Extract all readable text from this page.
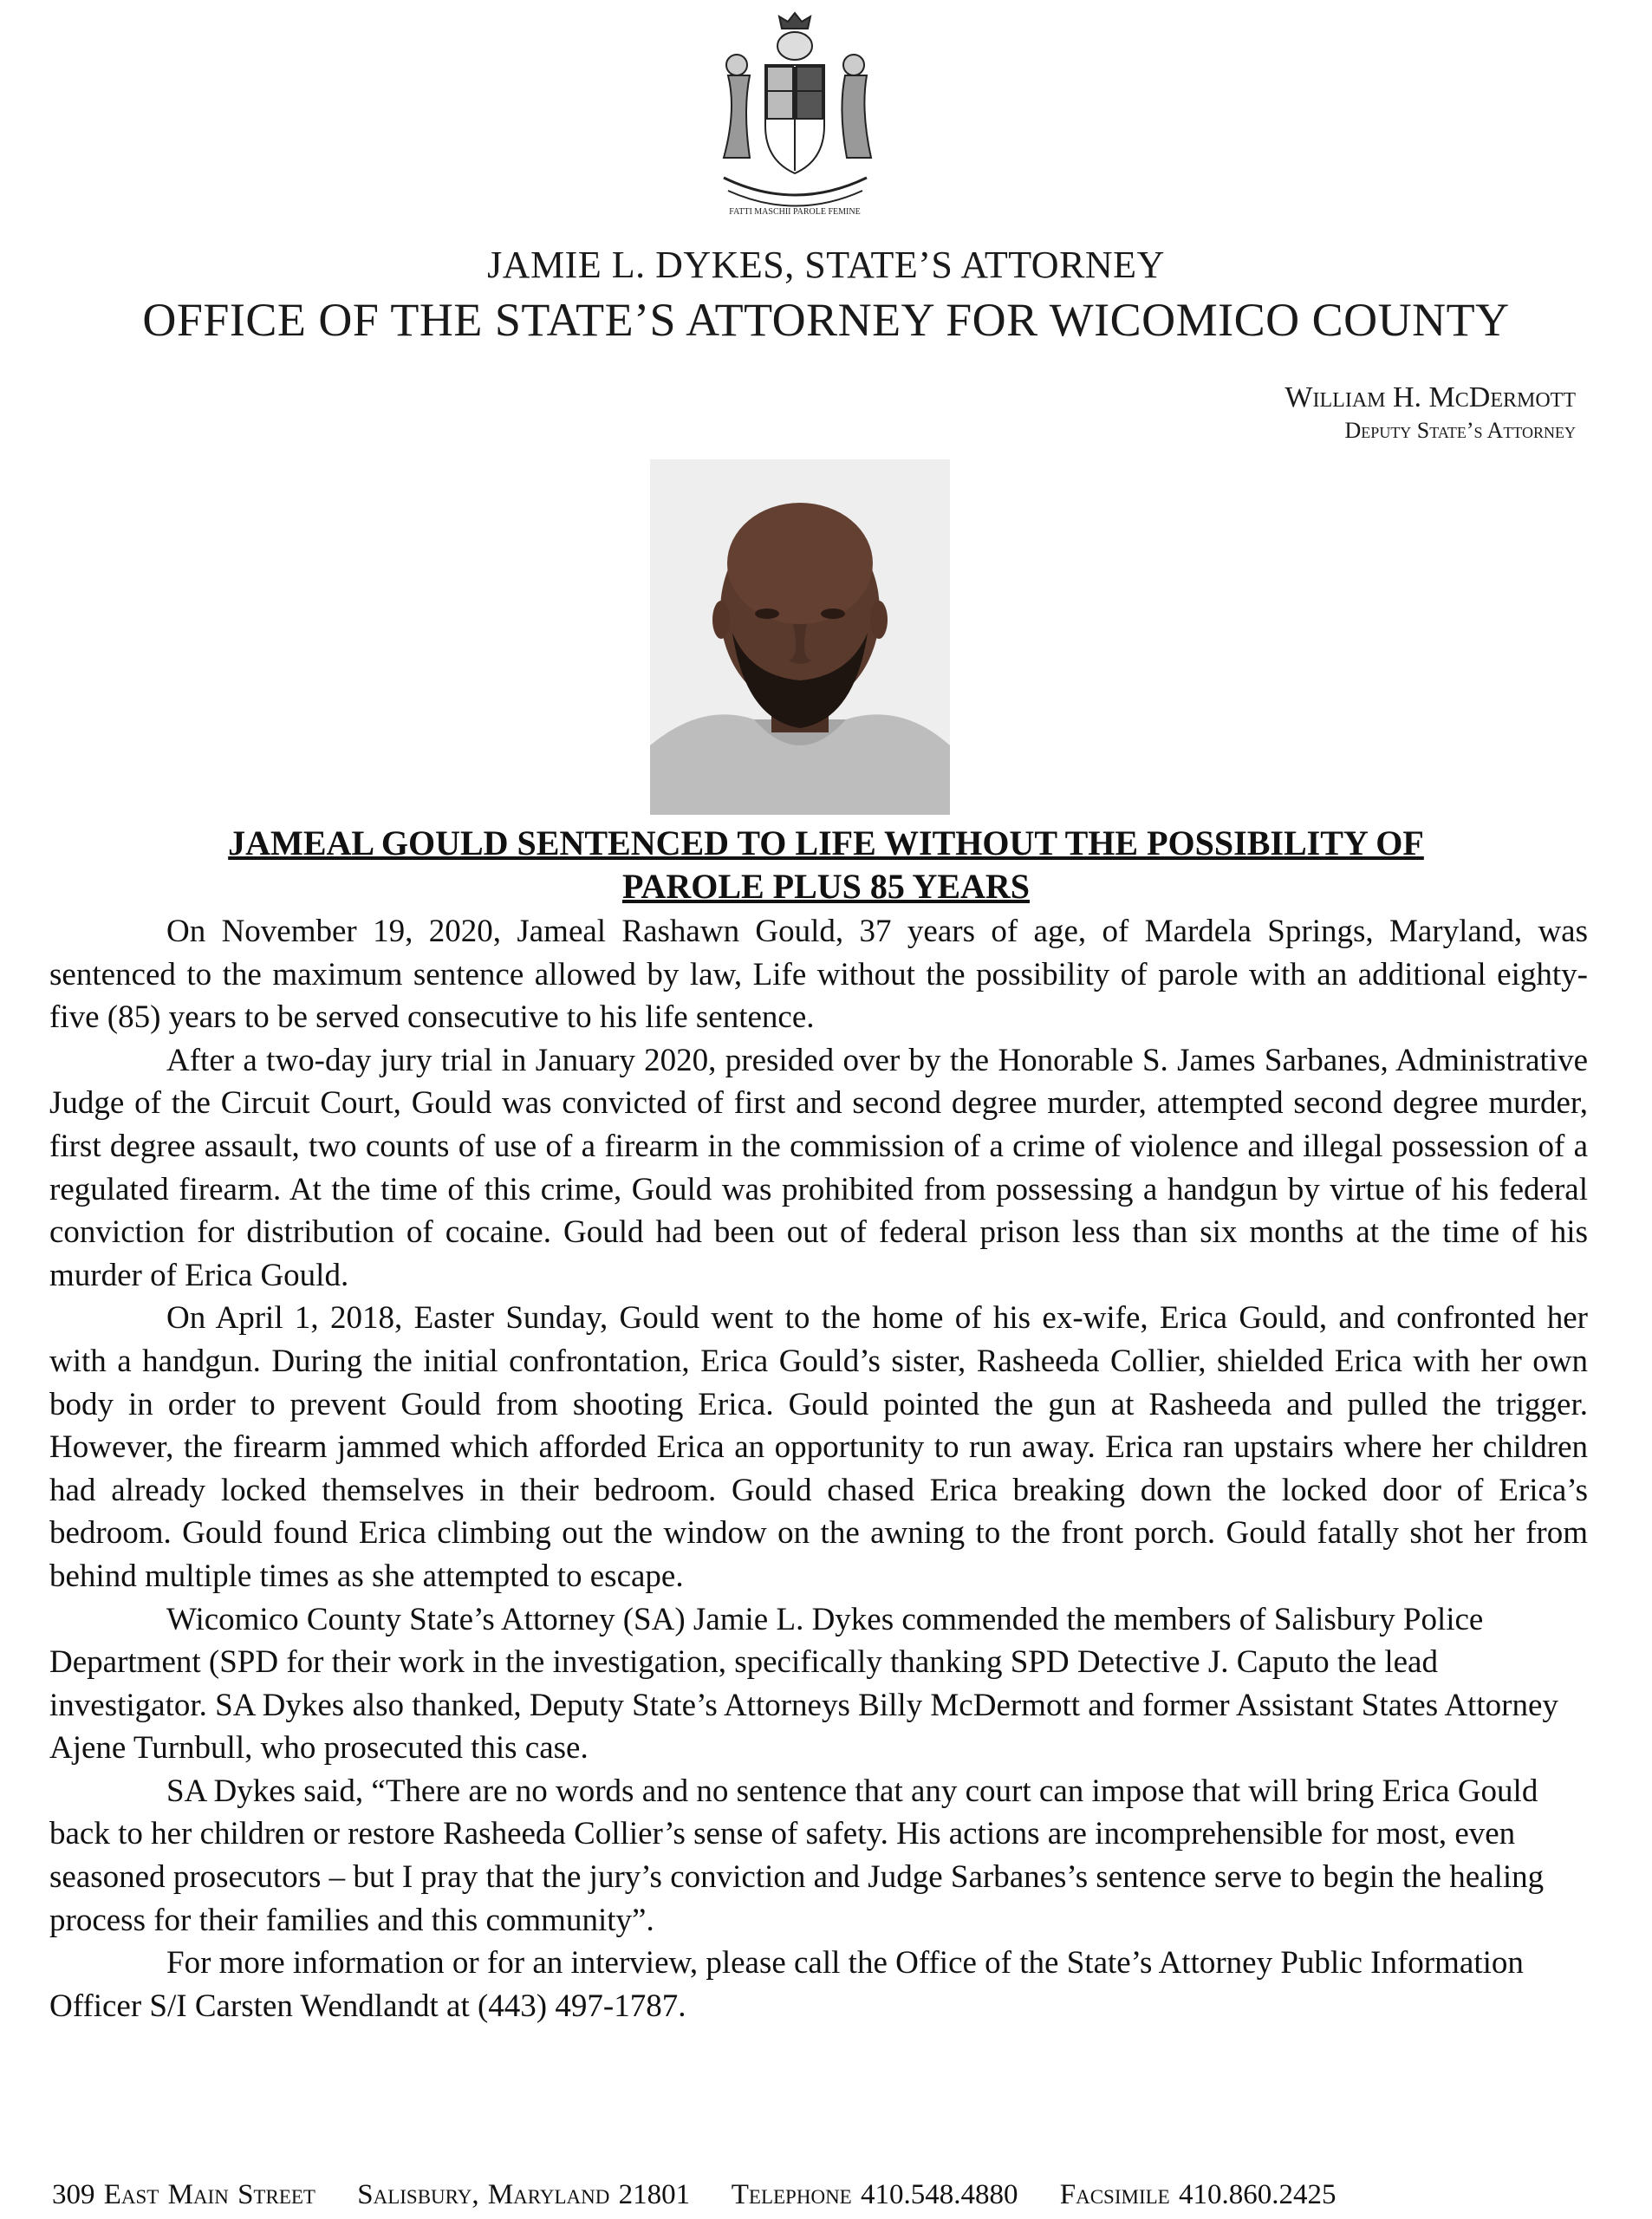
FATTI MASCHII PAROLE FEMINE
JAMIE L. DYKES, STATE’S ATTORNEY
OFFICE OF THE STATE’S ATTORNEY FOR WICOMICO COUNTY
William H. McDermott
Deputy State’s Attorney
JAMEAL GOULD SENTENCED TO LIFE WITHOUT THE POSSIBILITY OF
PAROLE PLUS 85 YEARS

On November 19, 2020, Jameal Rashawn Gould, 37 years of age, of Mardela Springs, Maryland, was sentenced to the maximum sentence allowed by law, Life without the possibility of parole with an additional eighty-five (85) years to be served consecutive to his life sentence.

After a two-day jury trial in January 2020, presided over by the Honorable S. James Sarbanes, Administrative Judge of the Circuit Court, Gould was convicted of first and second degree murder, attempted second degree murder, first degree assault, two counts of use of a firearm in the commission of a crime of violence and illegal possession of a regulated firearm. At the time of this crime, Gould was prohibited from possessing a handgun by virtue of his federal conviction for distribution of cocaine. Gould had been out of federal prison less than six months at the time of his murder of Erica Gould.

On April 1, 2018, Easter Sunday, Gould went to the home of his ex-wife, Erica Gould, and confronted her with a handgun. During the initial confrontation, Erica Gould’s sister, Rasheeda Collier, shielded Erica with her own body in order to prevent Gould from shooting Erica. Gould pointed the gun at Rasheeda and pulled the trigger. However, the firearm jammed which afforded Erica an opportunity to run away. Erica ran upstairs where her children had already locked themselves in their bedroom. Gould chased Erica breaking down the locked door of Erica’s bedroom. Gould found Erica climbing out the window on the awning to the front porch. Gould fatally shot her from behind multiple times as she attempted to escape.

Wicomico County State’s Attorney (SA) Jamie L. Dykes commended the members of Salisbury Police Department (SPD for their work in the investigation, specifically thanking SPD Detective J. Caputo the lead investigator. SA Dykes also thanked, Deputy State’s Attorneys Billy McDermott and former Assistant States Attorney Ajene Turnbull, who prosecuted this case.

SA Dykes said, “There are no words and no sentence that any court can impose that will bring Erica Gould back to her children or restore Rasheeda Collier’s sense of safety. His actions are incomprehensible for most, even seasoned prosecutors – but I pray that the jury’s conviction and Judge Sarbanes’s sentence serve to begin the healing process for their families and this community”.

For more information or for an interview, please call the Office of the State’s Attorney Public Information Officer S/I Carsten Wendlandt at (443) 497-1787.

309 East Main Street Salisbury, Maryland 21801 Telephone 410.548.4880 Facsimile 410.860.2425
